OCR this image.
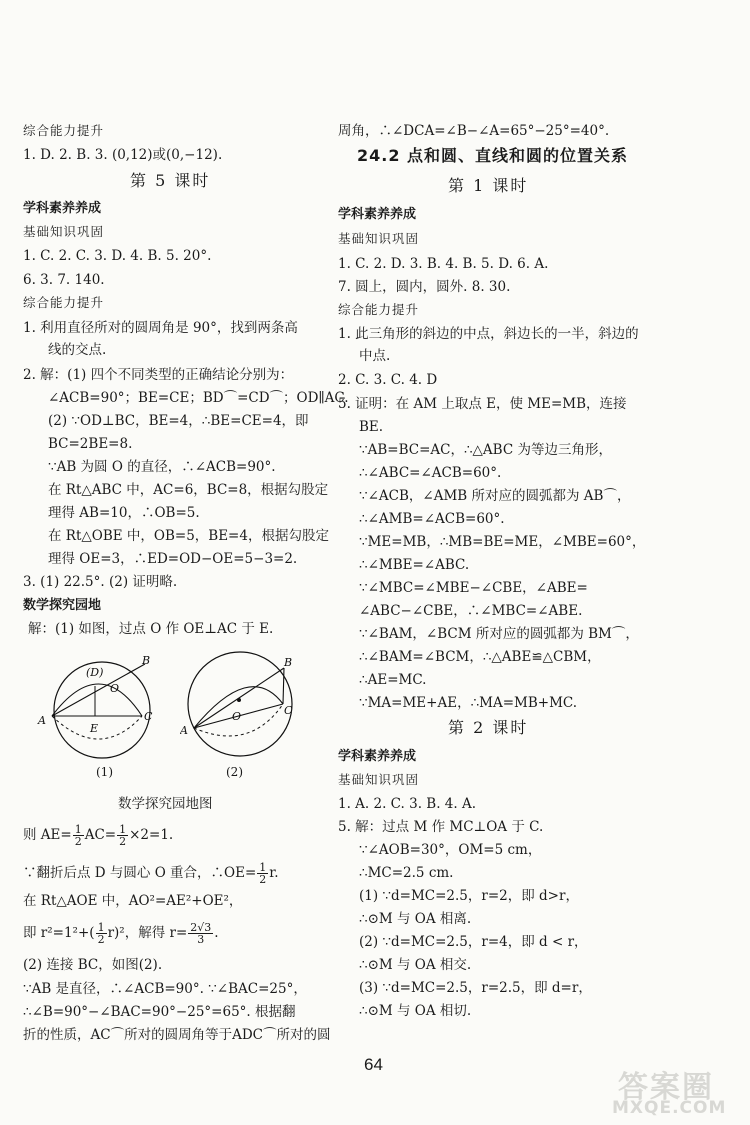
综合能力提升
1. D. 2. B. 3. (0,12)或(0,−12).
第 5 课时
学科素养养成
基础知识巩固
1. C. 2. C. 3. D. 4. B. 5. 20°.
6. 3. 7. 140.
综合能力提升
1. 利用直径所对的圆周角是 90°，找到两条高
线的交点.
2. 解：(1) 四个不同类型的正确结论分别为：
∠ACB=90°；BE=CE；BD⌒=CD⌒；OD∥AC.
(2) ∵OD⊥BC，BE=4，∴BE=CE=4，即
BC=2BE=8.
∵AB 为圆 O 的直径，∴∠ACB=90°.
在 Rt△ABC 中，AC=6，BC=8，根据勾股定
理得 AB=10，∴OB=5.
在 Rt△OBE 中，OB=5，BE=4，根据勾股定
理得 OE=3，∴ED=OD−OE=5−3=2.
3. (1) 22.5°. (2) 证明略.
数学探究园地
解：(1) 如图，过点 O 作 OE⊥AC 于 E.
A	C
B
(D)
O
E	A
C
B
O
(1)	(2)
数学探究园地图
则 $AE= \frac{1}{2} AC= \frac{1}{2} \times 2=1$.
∵翻折后点 D 与圆心 O 重合，∴OE= $\frac{1}{2} r$.
在 Rt△AOE 中，AO²=AE²+OE²，
即 $r^2=1^2+( \frac{1}{2} r)^2$，解得 $r= \frac{2√3}{3}$ .
(2) 连接 BC，如图(2).
∵AB 是直径，∴∠ACB=90°. ∵∠BAC=25°，
∴∠B=90°−∠BAC=90°−25°=65°. 根据翻
折的性质，AC⌒所对的圆周角等于ADC⌒所对的圆
周角，∴∠DCA=∠B−∠A=65°−25°=40°.
24.2 点和圆、直线和圆的位置关系
第 1 课时
学科素养养成
基础知识巩固
1. C. 2. D. 3. B. 4. B. 5. D. 6. A.
7. 圆上，圆内，圆外. 8. 30.
综合能力提升
1. 此三角形的斜边的中点，斜边长的一半，斜边的
中点.
2. C. 3. C. 4. D
5. 证明：在 AM 上取点 E，使 ME=MB，连接
BE.
∵AB=BC=AC，∴△ABC 为等边三角形，
∴∠ABC=∠ACB=60°.
∵∠ACB，∠AMB 所对应的圆弧都为 AB⌒，
∴∠AMB=∠ACB=60°.
∵ME=MB，∴MB=BE=ME，∠MBE=60°，
∴∠MBE=∠ABC.
∵∠MBC=∠MBE−∠CBE，∠ABE=
∠ABC−∠CBE，∴∠MBC=∠ABE.
∵∠BAM，∠BCM 所对应的圆弧都为 BM⌒，
∴∠BAM=∠BCM，∴△ABE≌△CBM，
∴AE=MC.
∵MA=ME+AE，∴MA=MB+MC.
第 2 课时
学科素养养成
基础知识巩固
1. A. 2. C. 3. B. 4. A.
5. 解：过点 M 作 MC⊥OA 于 C.
∵∠AOB=30°，OM=5 cm，
∴MC=2.5 cm.
(1) ∵d=MC=2.5，r=2，即 d>r，
∴⊙M 与 OA 相离.
(2) ∵d=MC=2.5，r=4，即 d < r，
∴⊙M 与 OA 相交.
(3) ∵d=MC=2.5，r=2.5，即 d=r，
∴⊙M 与 OA 相切.
64
答案圈
MXQE.COM
